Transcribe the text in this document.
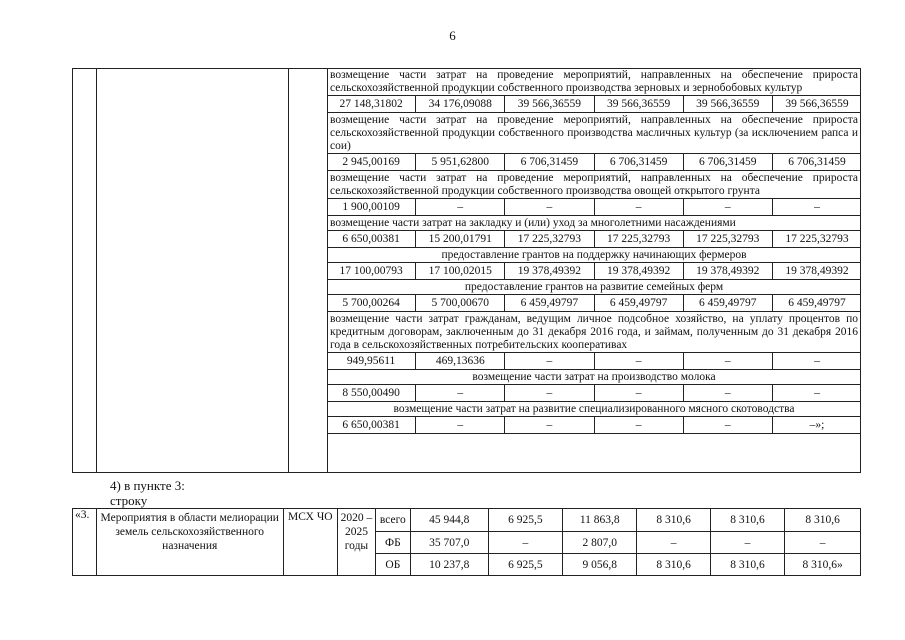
6
возмещение части затрат на проведение мероприятий, направленных на обеспечение прироста сельскохозяйственной продукции собственного производства зерновых и зернобобовых культур
27 148,31802	34 176,09088	39 566,36559	39 566,36559	39 566,36559	39 566,36559
возмещение части затрат на проведение мероприятий, направленных на обеспечение прироста сельскохозяйственной продукции собственного производства масличных культур (за исключением рапса и сои)
2 945,00169	5 951,62800	6 706,31459	6 706,31459	6 706,31459	6 706,31459
возмещение части затрат на проведение мероприятий, направленных на обеспечение прироста сельскохозяйственной продукции собственного производства овощей открытого грунта
1 900,00109	–	–	–	–	–
возмещение части затрат на закладку и (или) уход за многолетними насаждениями
6 650,00381	15 200,01791	17 225,32793	17 225,32793	17 225,32793	17 225,32793
предоставление грантов на поддержку начинающих фермеров
17 100,00793	17 100,02015	19 378,49392	19 378,49392	19 378,49392	19 378,49392
предоставление грантов на развитие семейных ферм
5 700,00264	5 700,00670	6 459,49797	6 459,49797	6 459,49797	6 459,49797
возмещение части затрат гражданам, ведущим личное подсобное хозяйство, на уплату процентов по кредитным договорам, заключенным до 31 декабря 2016 года, и займам, полученным до 31 декабря 2016 года в сельскохозяйственных потребительских кооперативах
949,95611	469,13636	–	–	–	–
возмещение части затрат на производство молока
8 550,00490	–	–	–	–	–
возмещение части затрат на развитие специализированного мясного скотоводства
6 650,00381	–	–	–	–	–»;
4) в пункте 3:
строку
«3.	Мероприятия в области мелиорации земель сельскохозяйственного назначения	МСХ ЧО	2020 – 2025 годы	всего	45 944,8	6 925,5	11 863,8	8 310,6	8 310,6	8 310,6
				ФБ	35 707,0	–	2 807,0	–	–	–
				ОБ	10 237,8	6 925,5	9 056,8	8 310,6	8 310,6	8 310,6»
